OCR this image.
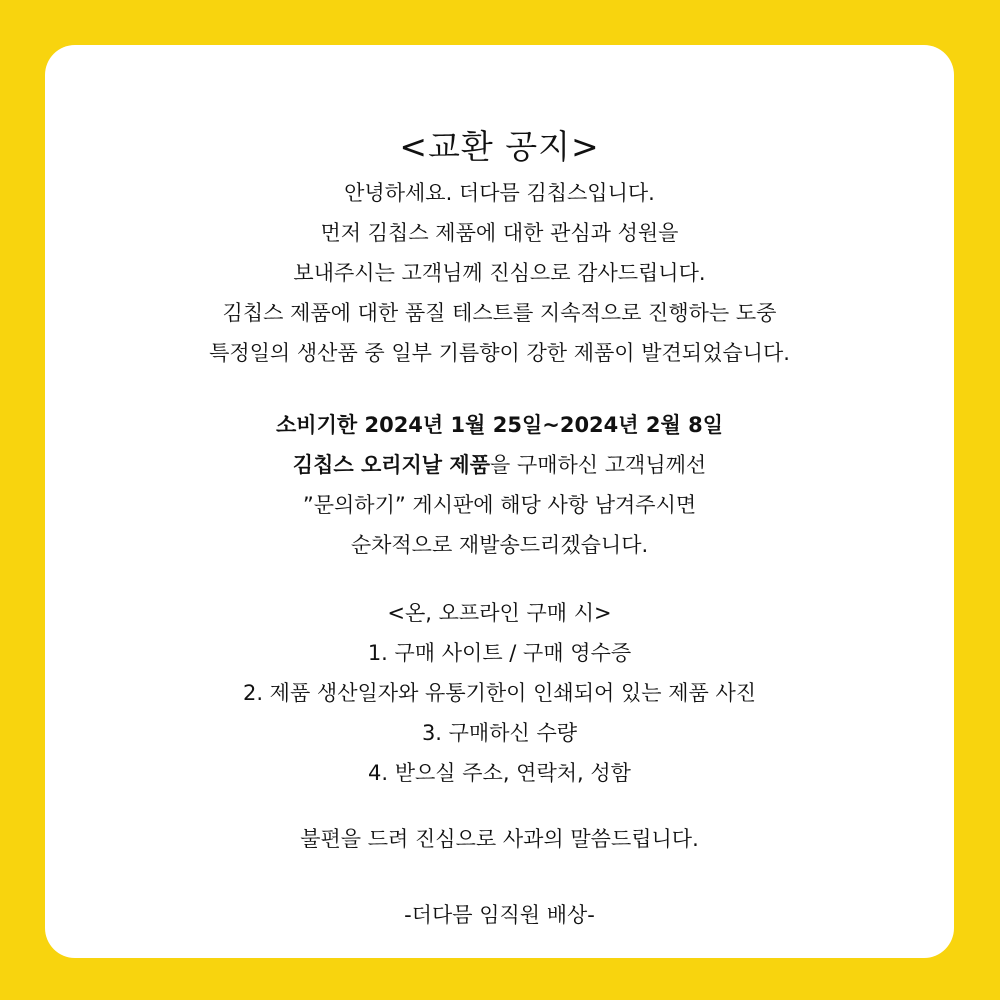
<교환 공지>
안녕하세요. 더다믐 김칩스입니다.
먼저 김칩스 제품에 대한 관심과 성원을
보내주시는 고객님께 진심으로 감사드립니다.
김칩스 제품에 대한 품질 테스트를 지속적으로 진행하는 도중
특정일의 생산품 중 일부 기름향이 강한 제품이 발견되었습니다.
소비기한 2024년 1월 25일~2024년 2월 8일
김칩스 오리지날 제품을 구매하신 고객님께선
”문의하기” 게시판에 해당 사항 남겨주시면
순차적으로 재발송드리겠습니다.
<온, 오프라인 구매 시>
1. 구매 사이트 / 구매 영수증
2. 제품 생산일자와 유통기한이 인쇄되어 있는 제품 사진
3. 구매하신 수량
4. 받으실 주소, 연락처, 성함
불편을 드려 진심으로 사과의 말씀드립니다.
-더다믐 임직원 배상-
